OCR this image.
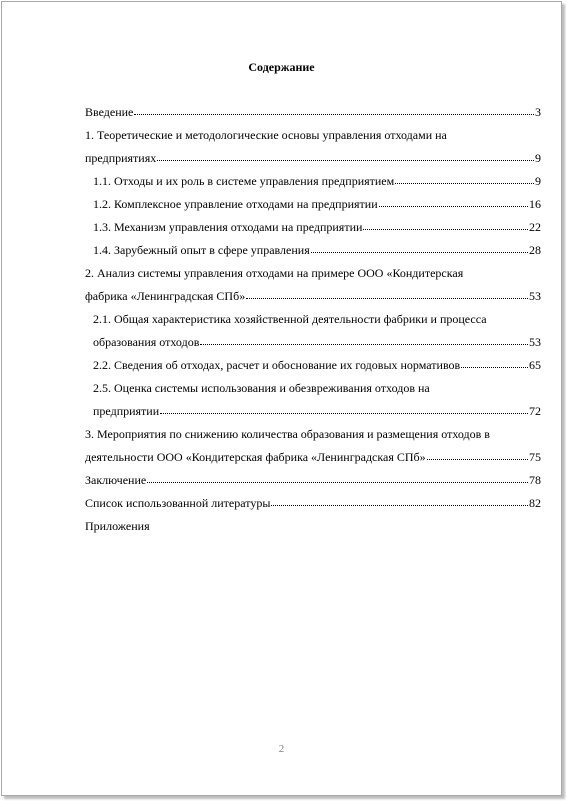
Содержание
Введение	3
1. Теоретические и методологические основы управления отходами на
предприятиях	9
1.1. Отходы и их роль в системе управления предприятием	9
1.2. Комплексное управление отходами на предприятии	16
1.3. Механизм управления отходами на предприятии	22
1.4. Зарубежный опыт в сфере управления	28
2. Анализ системы управления отходами на примере ООО «Кондитерская
фабрика «Ленинградская СПб»	53
2.1. Общая характеристика хозяйственной деятельности фабрики и процесса
образования отходов	53
2.2. Сведения об отходах, расчет и обоснование их годовых нормативов	65
2.5. Оценка системы использования и обезвреживания отходов на
предприятии	72
3. Мероприятия по снижению количества образования и размещения отходов в
деятельности ООО «Кондитерская фабрика «Ленинградская СПб»	75
Заключение	78
Список использованной литературы	82
Приложения
2
